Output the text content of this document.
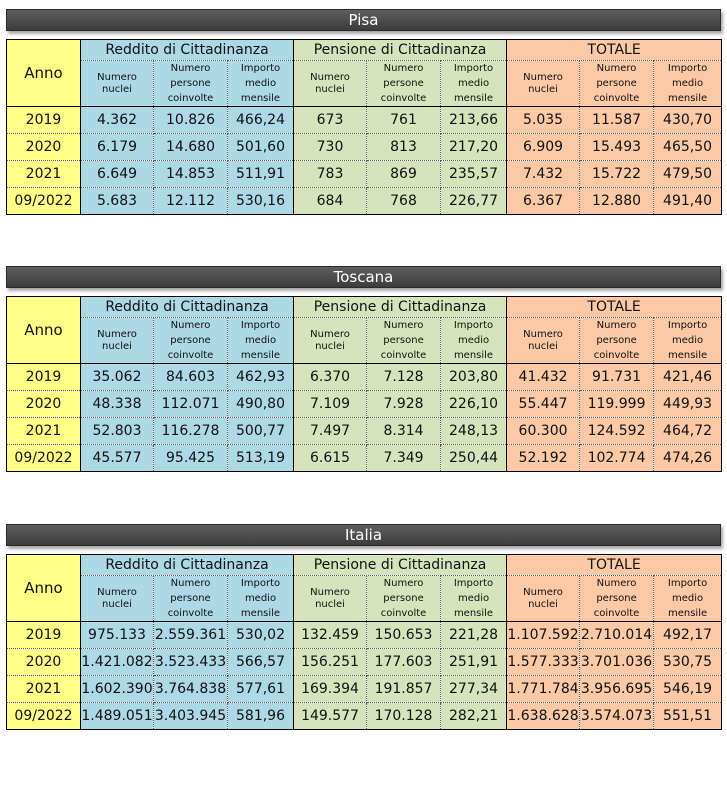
Pisa
Anno	Reddito di Cittadinanza			Pensione di Cittadinanza			TOTALE		
	Numero nuclei	Numero persone coinvolte	Importo medio mensile	Numero nuclei	Numero persone coinvolte	Importo medio mensile	Numero nuclei	Numero persone coinvolte	Importo medio mensile
2019	4.362	10.826	466,24	673	761	213,66	5.035	11.587	430,70
2020	6.179	14.680	501,60	730	813	217,20	6.909	15.493	465,50
2021	6.649	14.853	511,91	783	869	235,57	7.432	15.722	479,50
09/2022	5.683	12.112	530,16	684	768	226,77	6.367	12.880	491,40
Toscana
Anno	Reddito di Cittadinanza			Pensione di Cittadinanza			TOTALE		
	Numero nuclei	Numero persone coinvolte	Importo medio mensile	Numero nuclei	Numero persone coinvolte	Importo medio mensile	Numero nuclei	Numero persone coinvolte	Importo medio mensile
2019	35.062	84.603	462,93	6.370	7.128	203,80	41.432	91.731	421,46
2020	48.338	112.071	490,80	7.109	7.928	226,10	55.447	119.999	449,93
2021	52.803	116.278	500,77	7.497	8.314	248,13	60.300	124.592	464,72
09/2022	45.577	95.425	513,19	6.615	7.349	250,44	52.192	102.774	474,26
Italia
Anno	Reddito di Cittadinanza			Pensione di Cittadinanza			TOTALE		
	Numero nuclei	Numero persone coinvolte	Importo medio mensile	Numero nuclei	Numero persone coinvolte	Importo medio mensile	Numero nuclei	Numero persone coinvolte	Importo medio mensile
2019	975.133	2.559.361	530,02	132.459	150.653	221,28	1.107.592	2.710.014	492,17
2020	1.421.082	3.523.433	566,57	156.251	177.603	251,91	1.577.333	3.701.036	530,75
2021	1.602.390	3.764.838	577,61	169.394	191.857	277,34	1.771.784	3.956.695	546,19
09/2022	1.489.051	3.403.945	581,96	149.577	170.128	282,21	1.638.628	3.574.073	551,51
